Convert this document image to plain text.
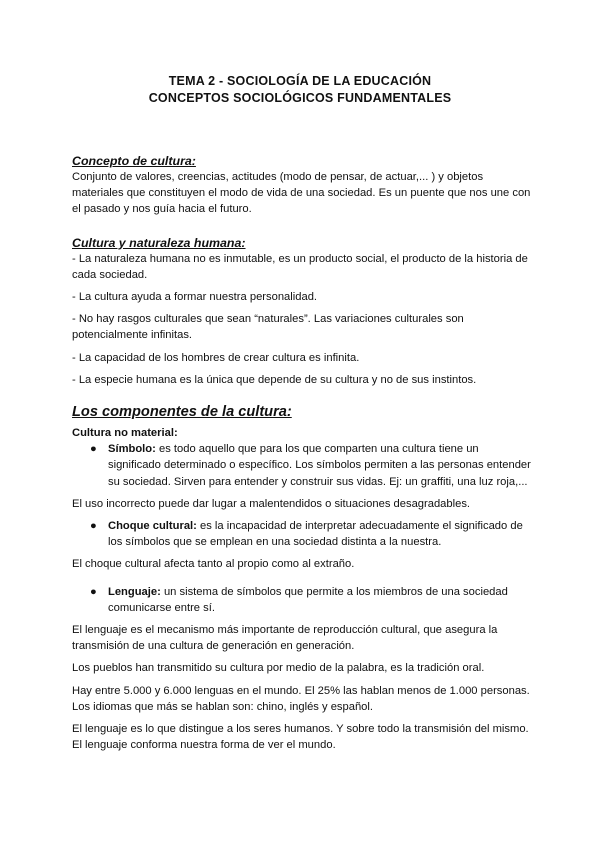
TEMA 2 - SOCIOLOGÍA DE LA EDUCACIÓN
CONCEPTOS SOCIOLÓGICOS FUNDAMENTALES
Concepto de cultura:

Conjunto de valores, creencias, actitudes (modo de pensar, de actuar,... ) y objetos materiales que constituyen el modo de vida de una sociedad. Es un puente que nos une con el pasado y nos guía hacia el futuro.

Cultura y naturaleza humana:

- La naturaleza humana no es inmutable, es un producto social, el producto de la historia de cada sociedad.

- La cultura ayuda a formar nuestra personalidad.

- No hay rasgos culturales que sean “naturales”. Las variaciones culturales son potencialmente infinitas.

- La capacidad de los hombres de crear cultura es infinita.

- La especie humana es la única que depende de su cultura y no de sus instintos.

Los componentes de la cultura:
Cultura no material:
● Símbolo: es todo aquello que para los que comparten una cultura tiene un significado determinado o específico. Los símbolos permiten a las personas entender su sociedad. Sirven para entender y construir sus vidas. Ej: un graffiti, una luz roja,...

El uso incorrecto puede dar lugar a malentendidos o situaciones desagradables.

● Choque cultural: es la incapacidad de interpretar adecuadamente el significado de los símbolos que se emplean en una sociedad distinta a la nuestra.

El choque cultural afecta tanto al propio como al extraño.

● Lenguaje: un sistema de símbolos que permite a los miembros de una sociedad comunicarse entre sí.

El lenguaje es el mecanismo más importante de reproducción cultural, que asegura la transmisión de una cultura de generación en generación.

Los pueblos han transmitido su cultura por medio de la palabra, es la tradición oral.

Hay entre 5.000 y 6.000 lenguas en el mundo. El 25% las hablan menos de 1.000 personas. Los idiomas que más se hablan son: chino, inglés y español.

El lenguaje es lo que distingue a los seres humanos. Y sobre todo la transmisión del mismo. El lenguaje conforma nuestra forma de ver el mundo.
